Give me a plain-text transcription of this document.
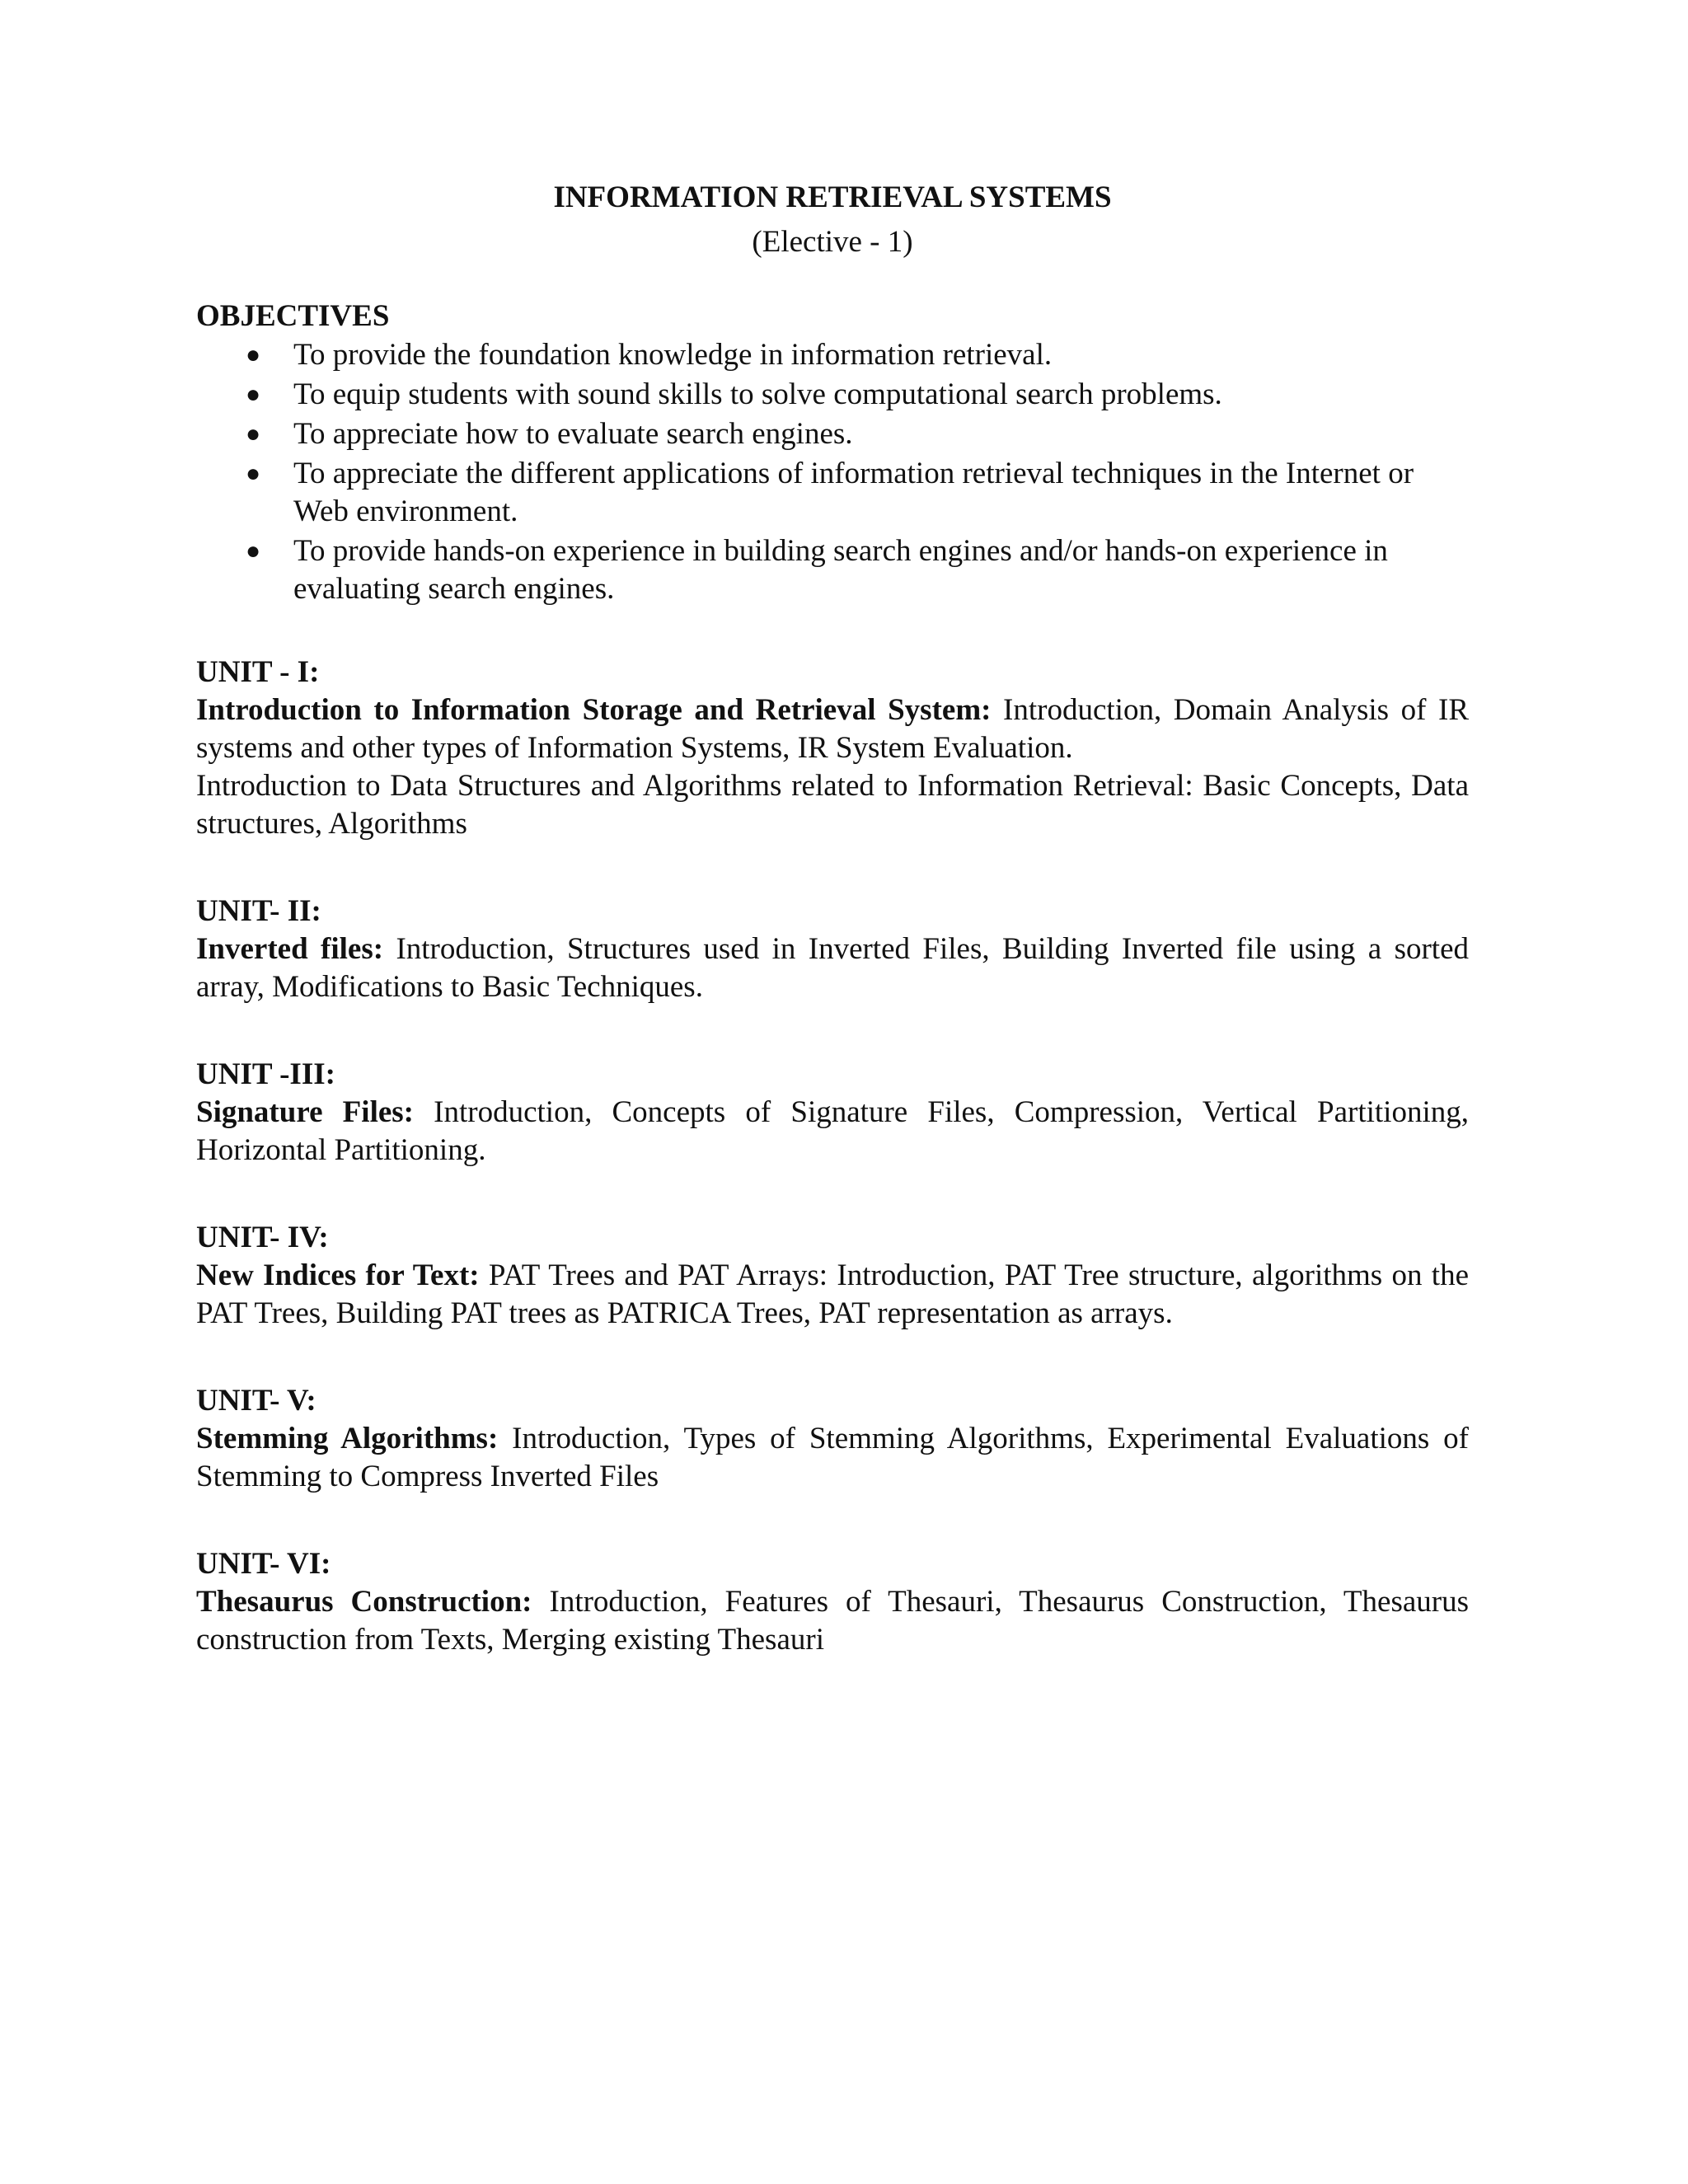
INFORMATION RETRIEVAL SYSTEMS

(Elective - 1)

OBJECTIVES

● To provide the foundation knowledge in information retrieval.
● To equip students with sound skills to solve computational search problems.
● To appreciate how to evaluate search engines.
● To appreciate the different applications of information retrieval techniques in the Internet or Web environment.
● To provide hands-on experience in building search engines and/or hands-on experience in evaluating search engines.

UNIT - I:

Introduction to Information Storage and Retrieval System: Introduction, Domain Analysis of IR systems and other types of Information Systems, IR System Evaluation.

Introduction to Data Structures and Algorithms related to Information Retrieval: Basic Concepts, Data structures, Algorithms

UNIT- II:

Inverted files: Introduction, Structures used in Inverted Files, Building Inverted file using a sorted array, Modifications to Basic Techniques.

UNIT -III:

Signature Files: Introduction, Concepts of Signature Files, Compression, Vertical Partitioning, Horizontal Partitioning.

UNIT- IV:

New Indices for Text: PAT Trees and PAT Arrays: Introduction, PAT Tree structure, algorithms on the PAT Trees, Building PAT trees as PATRICA Trees, PAT representation as arrays.

UNIT- V:

Stemming Algorithms: Introduction, Types of Stemming Algorithms, Experimental Evaluations of Stemming to Compress Inverted Files

UNIT- VI:

Thesaurus Construction: Introduction, Features of Thesauri, Thesaurus Construction, Thesaurus construction from Texts, Merging existing Thesauri
